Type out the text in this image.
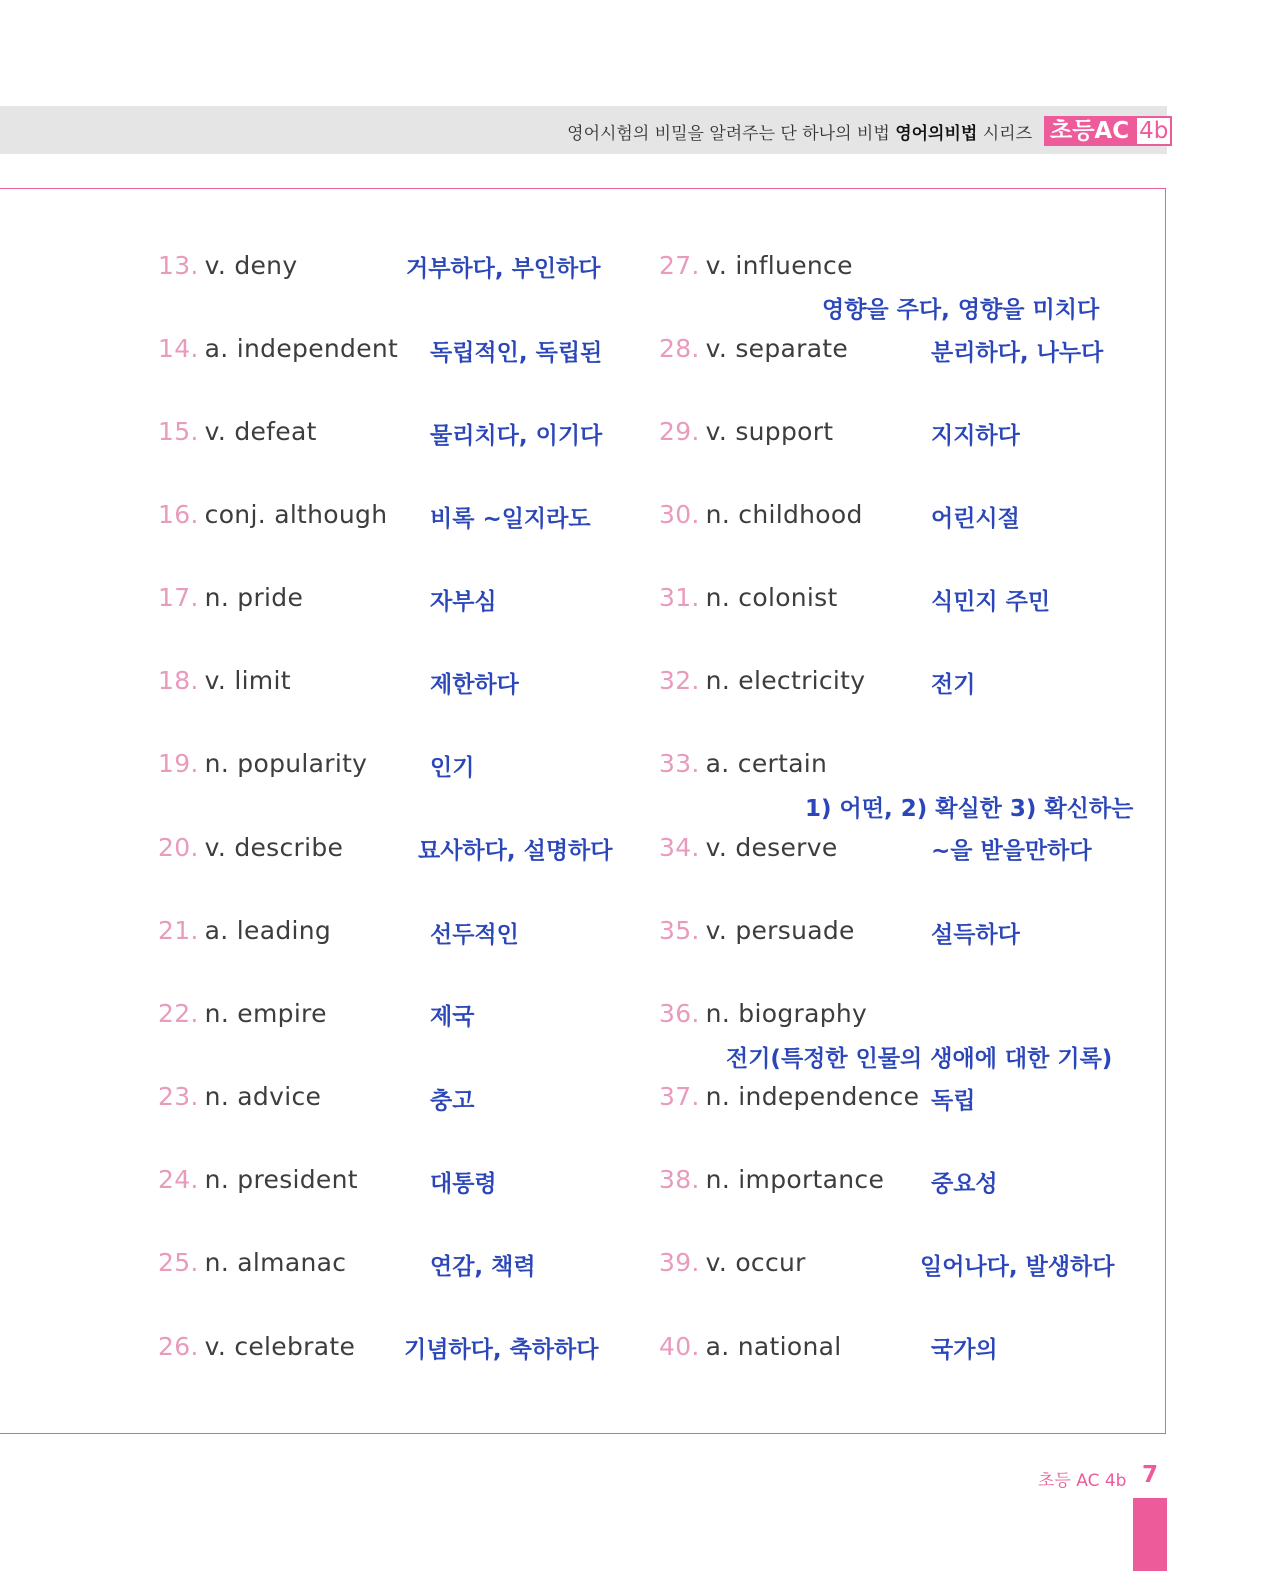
영어시험의 비밀을 알려주는 단 하나의 비법 영어의비법 시리즈 초등AC 4b
13. v. deny	거부하다, 부인하다
14. a. independent 독립적인, 독립된
15. v. defeat	물리치다, 이기다
16. conj. although 비록 ~일지라도
17. n. pride	자부심
18. v. limit	제한하다
19. n. popularity	인기
20. v. describe	묘사하다, 설명하다
21. a. leading	선두적인
22. n. empire	제국
23. n. advice	충고
24. n. president	대통령
25. n. almanac	연감, 책력
26. v. celebrate 기념하다, 축하하다
27. v. influence
영향을 주다, 영향을 미치다
28. v. separate	분리하다, 나누다
29. v. support	지지하다
30. n. childhood	어린시절
31. n. colonist	식민지 주민
32. n. electricity	전기
33. a. certain
1) 어떤, 2) 확실한 3) 확신하는
34. v. deserve	~을 받을만하다
35. v. persuade	설득하다
36. n. biography
전기(특정한 인물의 생애에 대한 기록)
37. n. independence 독립
38. n. importance 중요성
39. v. occur	일어나다, 발생하다
40. a. national	국가의
초등 AC 4b 7
